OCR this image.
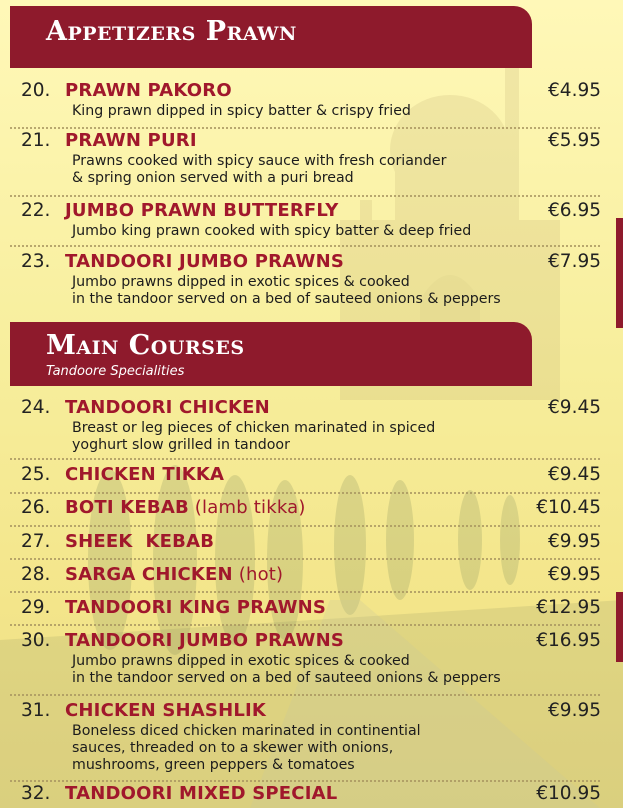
Appetizers Prawn
Main Courses
Tandoore Specialities
20. PRAWN PAKORO	€4.95
King prawn dipped in spicy batter & crispy fried
21. PRAWN PURI	€5.95
Prawns cooked with spicy sauce with fresh coriander
& spring onion served with a puri bread
22. JUMBO PRAWN BUTTERFLY	€6.95
Jumbo king prawn cooked with spicy batter & deep fried
23. TANDOORI JUMBO PRAWNS	€7.95
Jumbo prawns dipped in exotic spices & cooked
in the tandoor served on a bed of sauteed onions & peppers
24. TANDOORI CHICKEN	€9.45
Breast or leg pieces of chicken marinated in spiced
yoghurt slow grilled in tandoor
25. CHICKEN TIKKA	€9.45
26. BOTI KEBAB (lamb tikka)	€10.45
27. SHEEK  KEBAB	€9.95
28. SARGA CHICKEN (hot)	€9.95
29. TANDOORI KING PRAWNS	€12.95
30. TANDOORI JUMBO PRAWNS	€16.95
Jumbo prawns dipped in exotic spices & cooked
in the tandoor served on a bed of sauteed onions & peppers
31. CHICKEN SHASHLIK	€9.95
Boneless diced chicken marinated in continential
sauces, threaded on to a skewer with onions,
mushrooms, green peppers & tomatoes
32. TANDOORI MIXED SPECIAL	€10.95
